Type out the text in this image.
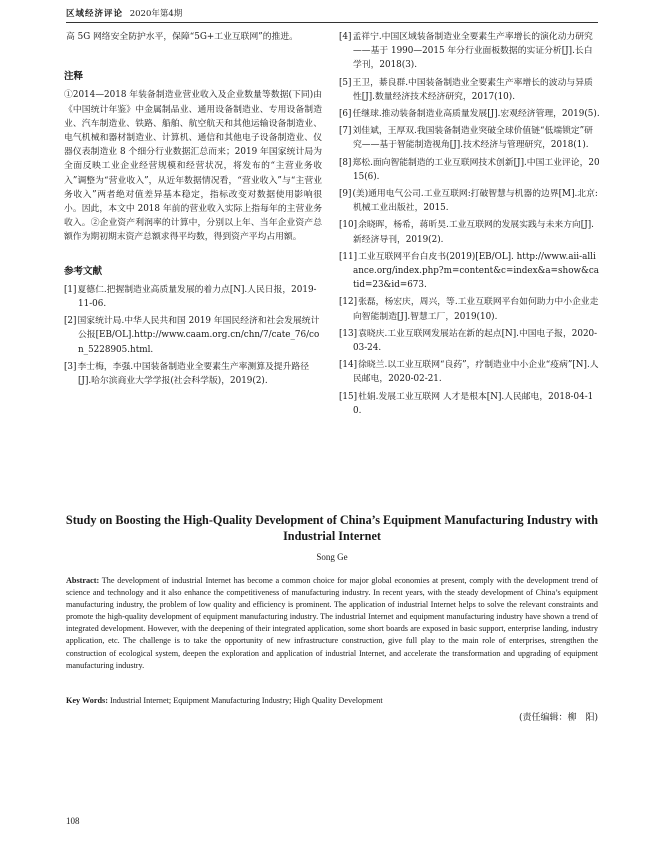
区域经济评论 2020年第4期

高 5G 网络安全防护水平，保障“5G+工业互联网”的推进。

注释

①2014—2018 年装备制造业营业收入及企业数量等数据(下同)由《中国统计年鉴》中金属制品业、通用设备制造业、专用设备制造业、汽车制造业、铁路、船舶、航空航天和其他运输设备制造业、电气机械和器材制造业、计算机、通信和其他电子设备制造业、仪器仪表制造业 8 个细分行业数据汇总而来；2019 年国家统计局为全面反映工业企业经营规模和经营状况，将发布的“主营业务收入”调整为“营业收入”，从近年数据情况看，“营业收入”与“主营业务收入”两者绝对值差异基本稳定，指标改变对数据使用影响很小。因此，本文中 2018 年前的营业收入实际上指每年的主营业务收入。②企业资产利润率的计算中，分别以上年、当年企业资产总额作为期初期末资产总额求得平均数，得到资产平均占用额。

参考文献
[1]夏德仁.把握制造业高质量发展的着力点[N].人民日报，2019-11-06.
[2]国家统计局.中华人民共和国 2019 年国民经济和社会发展统计公报[EB/OL].http://www.caam.org.cn/chn/7/cate_76/con_5228905.html.
[3]李士梅，李强.中国装备制造业全要素生产率测算及提升路径[J].哈尔滨商业大学学报(社会科学版)，2019(2).
[4]孟祥宁.中国区域装备制造业全要素生产率增长的演化动力研究——基于 1990—2015 年分行业面板数据的实证分析[J].长白学刊，2018(3).
[5]王卫，綦良群.中国装备制造业全要素生产率增长的波动与异质性[J].数量经济技术经济研究，2017(10).
[6]任继球.推动装备制造业高质量发展[J].宏观经济管理，2019(5).
[7]刘佳斌，王厚双.我国装备制造业突破全球价值链“低端锁定”研究——基于智能制造视角[J].技术经济与管理研究，2018(1).
[8]郑松.面向智能制造的工业互联网技术创新[J].中国工业评论，2015(6).
[9](美)通用电气公司.工业互联网:打破智慧与机器的边界[M].北京:机械工业出版社，2015.
[10]余晓晖，杨希，蒋昕昊.工业互联网的发展实践与未来方向[J].新经济导刊，2019(2).
[11]工业互联网平台白皮书(2019)[EB/OL]. http://www.aii-alliance.org/index.php?m=content&c=index&a=show&catid=23&id=673.
[12]张磊，杨宏庆，周兴，等.工业互联网平台如何助力中小企业走向智能制造[J].智慧工厂，2019(10).
[13]袁晓庆.工业互联网发展站在新的起点[N].中国电子报，2020-03-24.
[14]徐晓兰.以工业互联网“良药”，疗制造业中小企业“疫病”[N].人民邮电，2020-02-21.
[15]杜娟.发展工业互联网 人才是根本[N].人民邮电，2018-04-10.
Study on Boosting the High-Quality Development of China’s Equipment Manufacturing Industry with Industrial Internet
Song Ge
Abstract: The development of industrial Internet has become a common choice for major global economies at present, comply with the development trend of science and technology and it also enhance the competitiveness of manufacturing industry. In recent years, with the steady development of China’s equipment manufacturing industry, the problem of low quality and efficiency is prominent. The application of industrial Internet helps to solve the relevant constraints and promote the high-quality development of equipment manufacturing industry. The industrial Internet and equipment manufacturing industry have shown a trend of integrated development. However, with the deepening of their integrated application, some short boards are exposed in basic support, enterprise landing, industry application, etc. The challenge is to take the opportunity of new infrastructure construction, give full play to the main role of enterprises, strengthen the construction of ecological system, deepen the exploration and application of industrial Internet, and accelerate the transformation and upgrading of equipment manufacturing industry.
Key Words: Industrial Internet; Equipment Manufacturing Industry; High Quality Development
(责任编辑：柳　阳)
108
